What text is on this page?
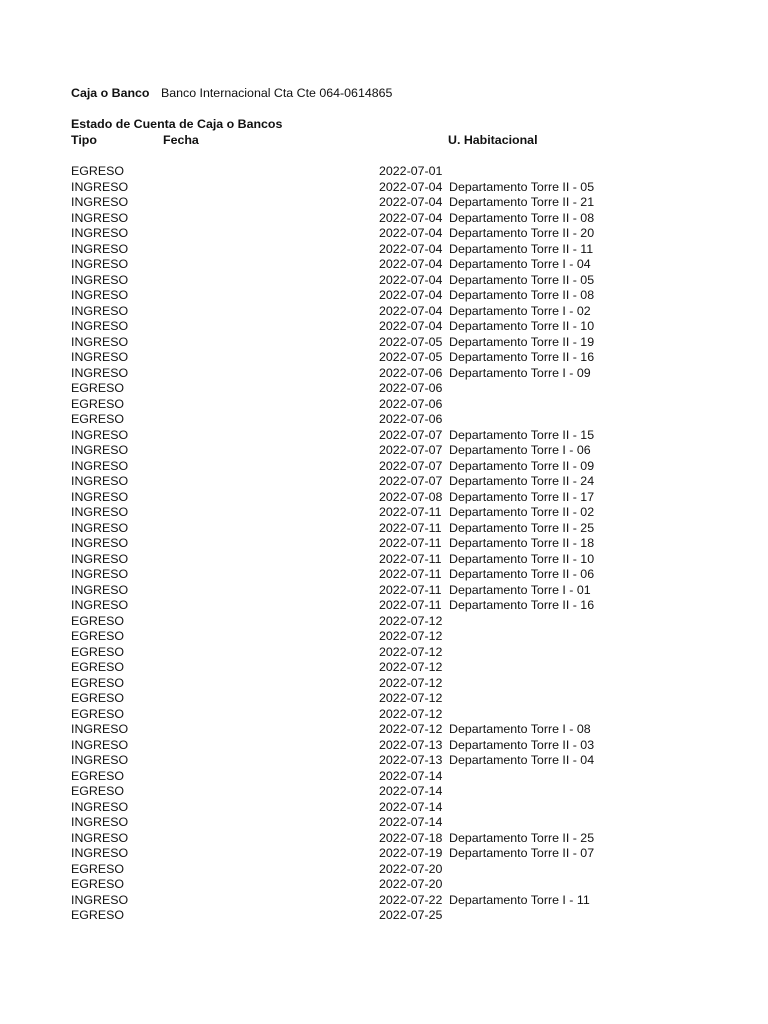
Caja o Banco Banco Internacional Cta Cte 064-0614865
Estado de Cuenta de Caja o Bancos
Tipo	Fecha	U. Habitacional
EGRESO	2022-07-01
INGRESO	2022-07-04 Departamento Torre II - 05
INGRESO	2022-07-04 Departamento Torre II - 21
INGRESO	2022-07-04 Departamento Torre II - 08
INGRESO	2022-07-04 Departamento Torre II - 20
INGRESO	2022-07-04 Departamento Torre II - 11
INGRESO	2022-07-04 Departamento Torre I - 04
INGRESO	2022-07-04 Departamento Torre II - 05
INGRESO	2022-07-04 Departamento Torre II - 08
INGRESO	2022-07-04 Departamento Torre I - 02
INGRESO	2022-07-04 Departamento Torre II - 10
INGRESO	2022-07-05 Departamento Torre II - 19
INGRESO	2022-07-05 Departamento Torre II - 16
INGRESO	2022-07-06 Departamento Torre I - 09
EGRESO	2022-07-06
EGRESO	2022-07-06
EGRESO	2022-07-06
INGRESO	2022-07-07 Departamento Torre II - 15
INGRESO	2022-07-07 Departamento Torre I - 06
INGRESO	2022-07-07 Departamento Torre II - 09
INGRESO	2022-07-07 Departamento Torre II - 24
INGRESO	2022-07-08 Departamento Torre II - 17
INGRESO	2022-07-11 Departamento Torre II - 02
INGRESO	2022-07-11 Departamento Torre II - 25
INGRESO	2022-07-11 Departamento Torre II - 18
INGRESO	2022-07-11 Departamento Torre II - 10
INGRESO	2022-07-11 Departamento Torre II - 06
INGRESO	2022-07-11 Departamento Torre I - 01
INGRESO	2022-07-11 Departamento Torre II - 16
EGRESO	2022-07-12
EGRESO	2022-07-12
EGRESO	2022-07-12
EGRESO	2022-07-12
EGRESO	2022-07-12
EGRESO	2022-07-12
EGRESO	2022-07-12
INGRESO	2022-07-12 Departamento Torre I - 08
INGRESO	2022-07-13 Departamento Torre II - 03
INGRESO	2022-07-13 Departamento Torre II - 04
EGRESO	2022-07-14
EGRESO	2022-07-14
INGRESO	2022-07-14
INGRESO	2022-07-14
INGRESO	2022-07-18 Departamento Torre II - 25
INGRESO	2022-07-19 Departamento Torre II - 07
EGRESO	2022-07-20
EGRESO	2022-07-20
INGRESO	2022-07-22 Departamento Torre I - 11
EGRESO	2022-07-25
